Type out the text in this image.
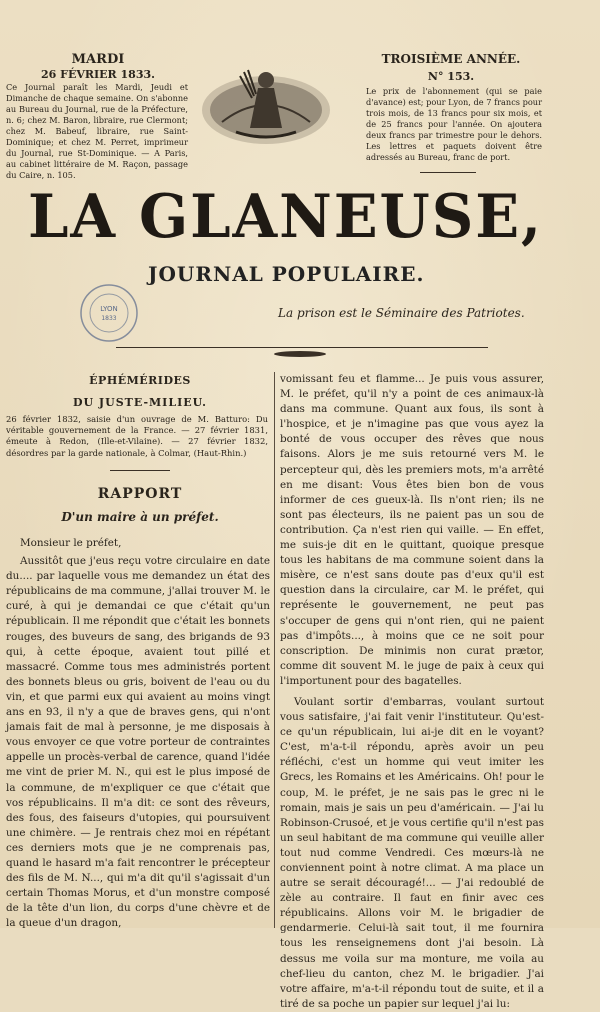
MARDI
26 FÉVRIER 1833.
Ce Journal paraît les Mardi, Jeudi et Dimanche de chaque semaine. On s'abonne au Bureau du Journal, rue de la Préfecture, n. 6; chez M. Baron, libraire, rue Clermont; chez M. Babeuf, libraire, rue Saint-Dominique; et chez M. Perret, imprimeur du Journal, rue St-Dominique. — A Paris, au cabinet littéraire de M. Raçon, passage du Caire, n. 105.
TROISIÈME ANNÉE.
N° 153.
Le prix de l'abonnement (qui se paie d'avance) est; pour Lyon, de 7 francs pour trois mois, de 13 francs pour six mois, et de 25 francs pour l'année. On ajoutera deux francs par trimestre pour le dehors. Les lettres et paquets doivent être adressés au Bureau, franc de port.
LA GLANEUSE,
JOURNAL POPULAIRE.
La prison est le Séminaire des Patriotes.
LYON
1833
ÉPHÉMÉRIDES
DU JUSTE-MILIEU.
26 février 1832, saisie d'un ouvrage de M. Batturo: Du véritable gouvernement de la France. — 27 février 1831, émeute à Redon, (Ille-et-Vilaine). — 27 février 1832, désordres par la garde nationale, à Colmar, (Haut-Rhin.)
RAPPORT
D'un maire à un préfet.

Monsieur le préfet,

Aussitôt que j'eus reçu votre circulaire en date du.... par laquelle vous me demandez un état des républicains de ma commune, j'allai trouver M. le curé, à qui je demandai ce que c'était qu'un républicain. Il me répondit que c'était les bonnets rouges, des buveurs de sang, des brigands de 93 qui, à cette époque, avaient tout pillé et massacré. Comme tous mes administrés portent des bonnets bleus ou gris, boivent de l'eau ou du vin, et que parmi eux qui avaient au moins vingt ans en 93, il n'y a que de braves gens, qui n'ont jamais fait de mal à personne, je me disposais à vous envoyer ce que votre porteur de contraintes appelle un procès-verbal de carence, quand l'idée me vint de prier M. N., qui est le plus imposé de la commune, de m'expliquer ce que c'était que vos républicains. Il m'a dit: ce sont des rêveurs, des fous, des faiseurs d'utopies, qui poursuivent une chimère. — Je rentrais chez moi en répétant ces derniers mots que je ne comprenais pas, quand le hasard m'a fait rencontrer le précepteur des fils de M. N..., qui m'a dit qu'il s'agissait d'un certain Thomas Morus, et d'un monstre composé de la tête d'un lion, du corps d'une chèvre et de la queue d'un dragon,

vomissant feu et flamme... Je puis vous assurer, M. le préfet, qu'il n'y a point de ces animaux-là dans ma commune. Quant aux fous, ils sont à l'hospice, et je n'imagine pas que vous ayez la bonté de vous occuper des rêves que nous faisons. Alors je me suis retourné vers M. le percepteur qui, dès les premiers mots, m'a arrêté en me disant: Vous êtes bien bon de vous informer de ces gueux-là. Ils n'ont rien; ils ne sont pas électeurs, ils ne paient pas un sou de contribution. Ça n'est rien qui vaille. — En effet, me suis-je dit en le quittant, quoique presque tous les habitans de ma commune soient dans la misère, ce n'est sans doute pas d'eux qu'il est question dans la circulaire, car M. le préfet, qui représente le gouvernement, ne peut pas s'occuper de gens qui n'ont rien, qui ne paient pas d'impôts..., à moins que ce ne soit pour conscription. De minimis non curat prætor, comme dit souvent M. le juge de paix à ceux qui l'importunent pour des bagatelles.

Voulant sortir d'embarras, voulant surtout vous satisfaire, j'ai fait venir l'instituteur. Qu'est-ce qu'un républicain, lui ai-je dit en le voyant? C'est, m'a-t-il répondu, après avoir un peu réfléchi, c'est un homme qui veut imiter les Grecs, les Romains et les Américains. Oh! pour le coup, M. le préfet, je ne sais pas le grec ni le romain, mais je sais un peu d'américain. — J'ai lu Robinson-Crusoé, et je vous certifie qu'il n'est pas un seul habitant de ma commune qui veuille aller tout nud comme Vendredi. Ces mœurs-là ne conviennent point à notre climat. A ma place un autre se serait découragé!... — J'ai redoublé de zèle au contraire. Il faut en finir avec ces républicains. Allons voir M. le brigadier de gendarmerie. Celui-là sait tout, il me fournira tous les renseignemens dont j'ai besoin. Là dessus me voila sur ma monture, me voila au chef-lieu du canton, chez M. le brigadier. J'ai votre affaire, m'a-t-il répondu tout de suite, et il a tiré de sa poche un papier sur lequel j'ai lu:
